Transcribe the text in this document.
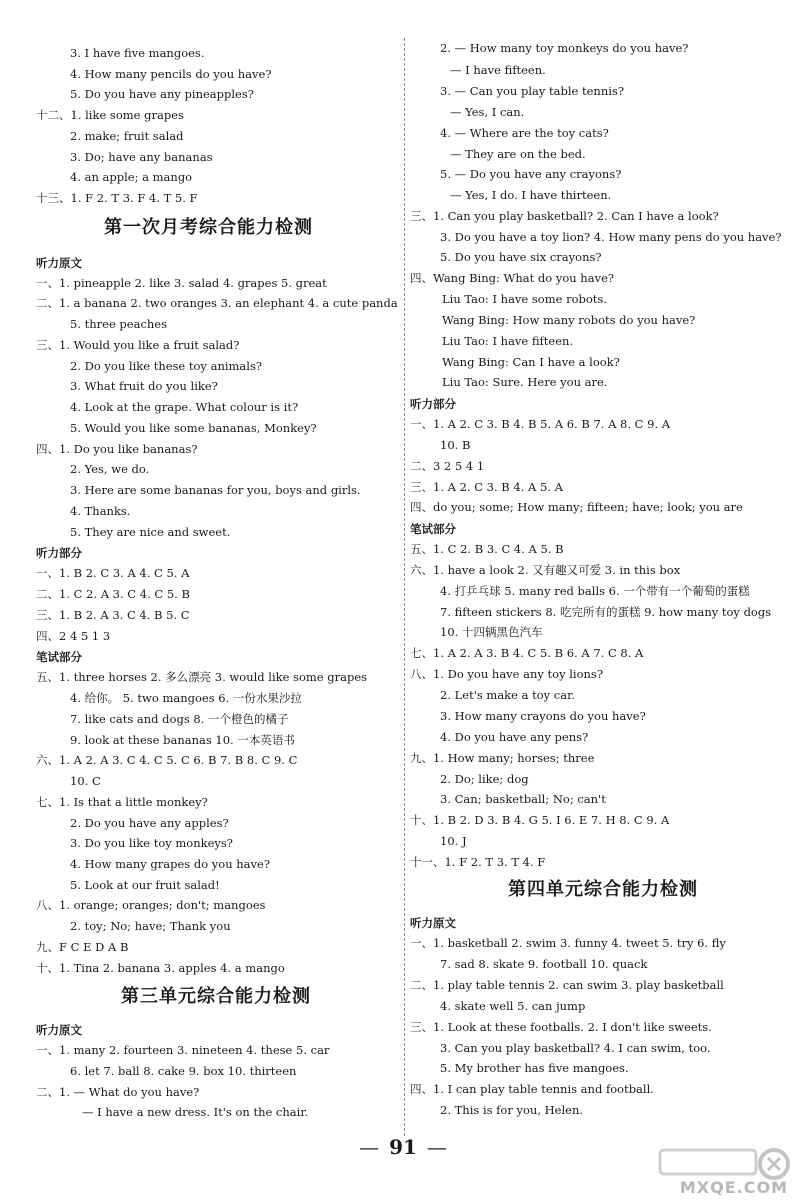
3. I have five mangoes.
4. How many pencils do you have?
5. Do you have any pineapples?
十二、1. like some grapes
2. make; fruit salad
3. Do; have any bananas
4. an apple; a mango
十三、1. F 2. T 3. F 4. T 5. F
一、1. pineapple 2. like 3. salad 4. grapes 5. great
二、1. a banana 2. two oranges 3. an elephant 4. a cute panda
5. three peaches
三、1. Would you like a fruit salad?
2. Do you like these toy animals?
3. What fruit do you like?
4. Look at the grape. What colour is it?
5. Would you like some bananas, Monkey?
四、1. Do you like bananas?
2. Yes, we do.
3. Here are some bananas for you, boys and girls.
4. Thanks.
5. They are nice and sweet.
一、1. B 2. C 3. A 4. C 5. A
二、1. C 2. A 3. C 4. C 5. B
三、1. B 2. A 3. C 4. B 5. C
四、2 4 5 1 3
五、1. three horses 2. 多么漂亮 3. would like some grapes
4. 给你。 5. two mangoes 6. 一份水果沙拉
7. like cats and dogs 8. 一个橙色的橘子
9. look at these bananas 10. 一本英语书
六、1. A 2. A 3. C 4. C 5. C 6. B 7. B 8. C 9. C
10. C
七、1. Is that a little monkey?
2. Do you have any apples?
3. Do you like toy monkeys?
4. How many grapes do you have?
5. Look at our fruit salad!
八、1. orange; oranges; don't; mangoes
2. toy; No; have; Thank you
九、F C E D A B
十、1. Tina 2. banana 3. apples 4. a mango
一、1. many 2. fourteen 3. nineteen 4. these 5. car
6. let 7. ball 8. cake 9. box 10. thirteen
二、1. — What do you have?
— I have a new dress. It's on the chair.
听力原文
听力部分
笔试部分
听力原文
第一次月考综合能力检测
第三单元综合能力检测
2. — How many toy monkeys do you have?
— I have fifteen.
3. — Can you play table tennis?
— Yes, I can.
4. — Where are the toy cats?
— They are on the bed.
5. — Do you have any crayons?
— Yes, I do. I have thirteen.
三、1. Can you play basketball? 2. Can I have a look?
3. Do you have a toy lion? 4. How many pens do you have?
5. Do you have six crayons?
四、Wang Bing: What do you have?
Liu Tao: I have some robots.
Wang Bing: How many robots do you have?
Liu Tao: I have fifteen.
Wang Bing: Can I have a look?
Liu Tao: Sure. Here you are.
一、1. A 2. C 3. B 4. B 5. A 6. B 7. A 8. C 9. A
10. B
二、3 2 5 4 1
三、1. A 2. C 3. B 4. A 5. A
四、do you; some; How many; fifteen; have; look; you are
五、1. C 2. B 3. C 4. A 5. B
六、1. have a look 2. 又有趣又可爱 3. in this box
4. 打乒乓球 5. many red balls 6. 一个带有一个葡萄的蛋糕
7. fifteen stickers 8. 吃完所有的蛋糕 9. how many toy dogs
10. 十四辆黑色汽车
七、1. A 2. A 3. B 4. C 5. B 6. A 7. C 8. A
八、1. Do you have any toy lions?
2. Let's make a toy car.
3. How many crayons do you have?
4. Do you have any pens?
九、1. How many; horses; three
2. Do; like; dog
3. Can; basketball; No; can't
十、1. B 2. D 3. B 4. G 5. I 6. E 7. H 8. C 9. A
10. J
十一、1. F 2. T 3. T 4. F
一、1. basketball 2. swim 3. funny 4. tweet 5. try 6. fly
7. sad 8. skate 9. football 10. quack
二、1. play table tennis 2. can swim 3. play basketball
4. skate well 5. can jump
三、1. Look at these footballs. 2. I don't like sweets.
3. Can you play basketball? 4. I can swim, too.
5. My brother has five mangoes.
四、1. I can play table tennis and football.
2. This is for you, Helen.
听力部分
笔试部分
听力原文
第四单元综合能力检测
— 91 —
MXQE.COM
